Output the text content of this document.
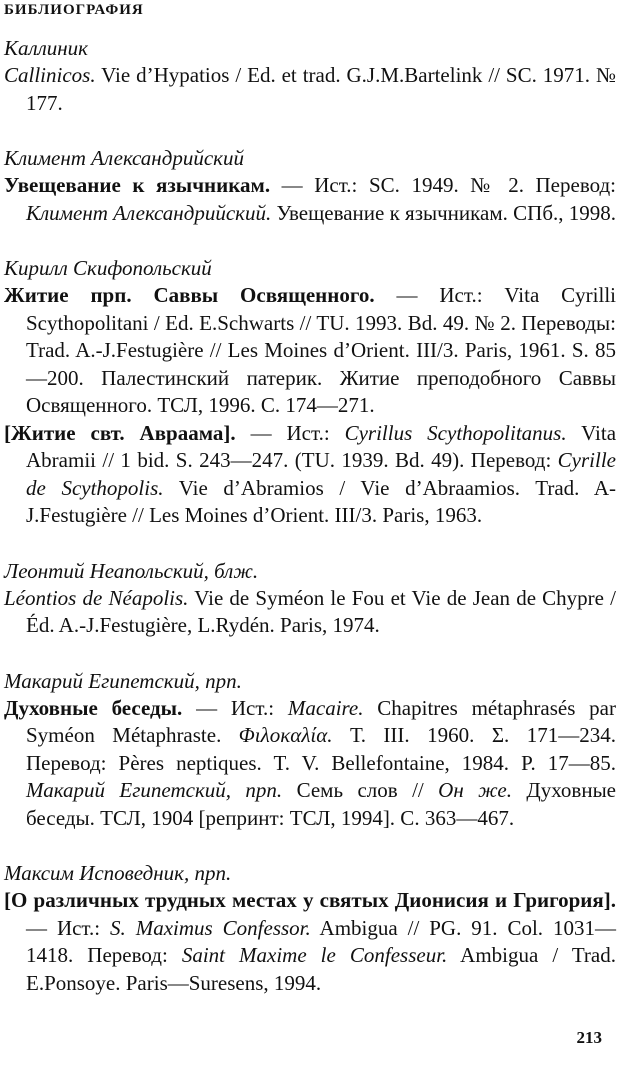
БИБЛИОГРАФИЯ
Каллиник
Callinicos. Vie d’Hypatios / Ed. et trad. G.J.M.Bartelink // SC. 1971. № 177.
Климент Александрийский
Увещевание к язычникам. — Ист.: SC. 1949. № 2. Перевод: Климент Александрийский. Увещевание к язычникам. СПб., 1998.
Кирилл Скифопольский
Житие прп. Саввы Освященного. — Ист.: Vita Cyrilli Scythopolitani / Ed. E.Schwarts // TU. 1993. Bd. 49. № 2. Переводы: Trad. A.-J.Festugière // Les Moines d’Orient. III/3. Paris, 1961. S. 85—200. Палестинский патерик. Житие преподобного Саввы Освященного. ТСЛ, 1996. С. 174—271.
[Житие свт. Авраама]. — Ист.: Cyrillus Scythopolitanus. Vita Abramii // 1 bid. S. 243—247. (TU. 1939. Bd. 49). Перевод: Cyrille de Scythopolis. Vie d’Abramios / Vie d’Abraamios. Trad. A-J.Festugière // Les Moines d’Orient. III/3. Paris, 1963.
Леонтий Неапольский, блж.
Léontios de Néapolis. Vie de Syméon le Fou et Vie de Jean de Chypre / Éd. A.-J.Festugière, L.Rydén. Paris, 1974.
Макарий Египетский, прп.
Духовные беседы. — Ист.: Macaire. Chapitres métaphrasés par Syméon Métaphraste. Φιλοκαλία. Т. III. 1960. Σ. 171—234. Перевод: Pères neptiques. T. V. Bellefontaine, 1984. P. 17—85. Макарий Египетский, прп. Семь слов // Он же. Духовные беседы. ТСЛ, 1904 [репринт: ТСЛ, 1994]. С. 363—467.
Максим Исповедник, прп.
[О различных трудных местах у святых Дионисия и Григория]. — Ист.: S. Maximus Confessor. Ambigua // PG. 91. Col. 1031—1418. Перевод: Saint Maxime le Confesseur. Ambigua / Trad. E.Ponsoye. Paris—Suresens, 1994.
213
